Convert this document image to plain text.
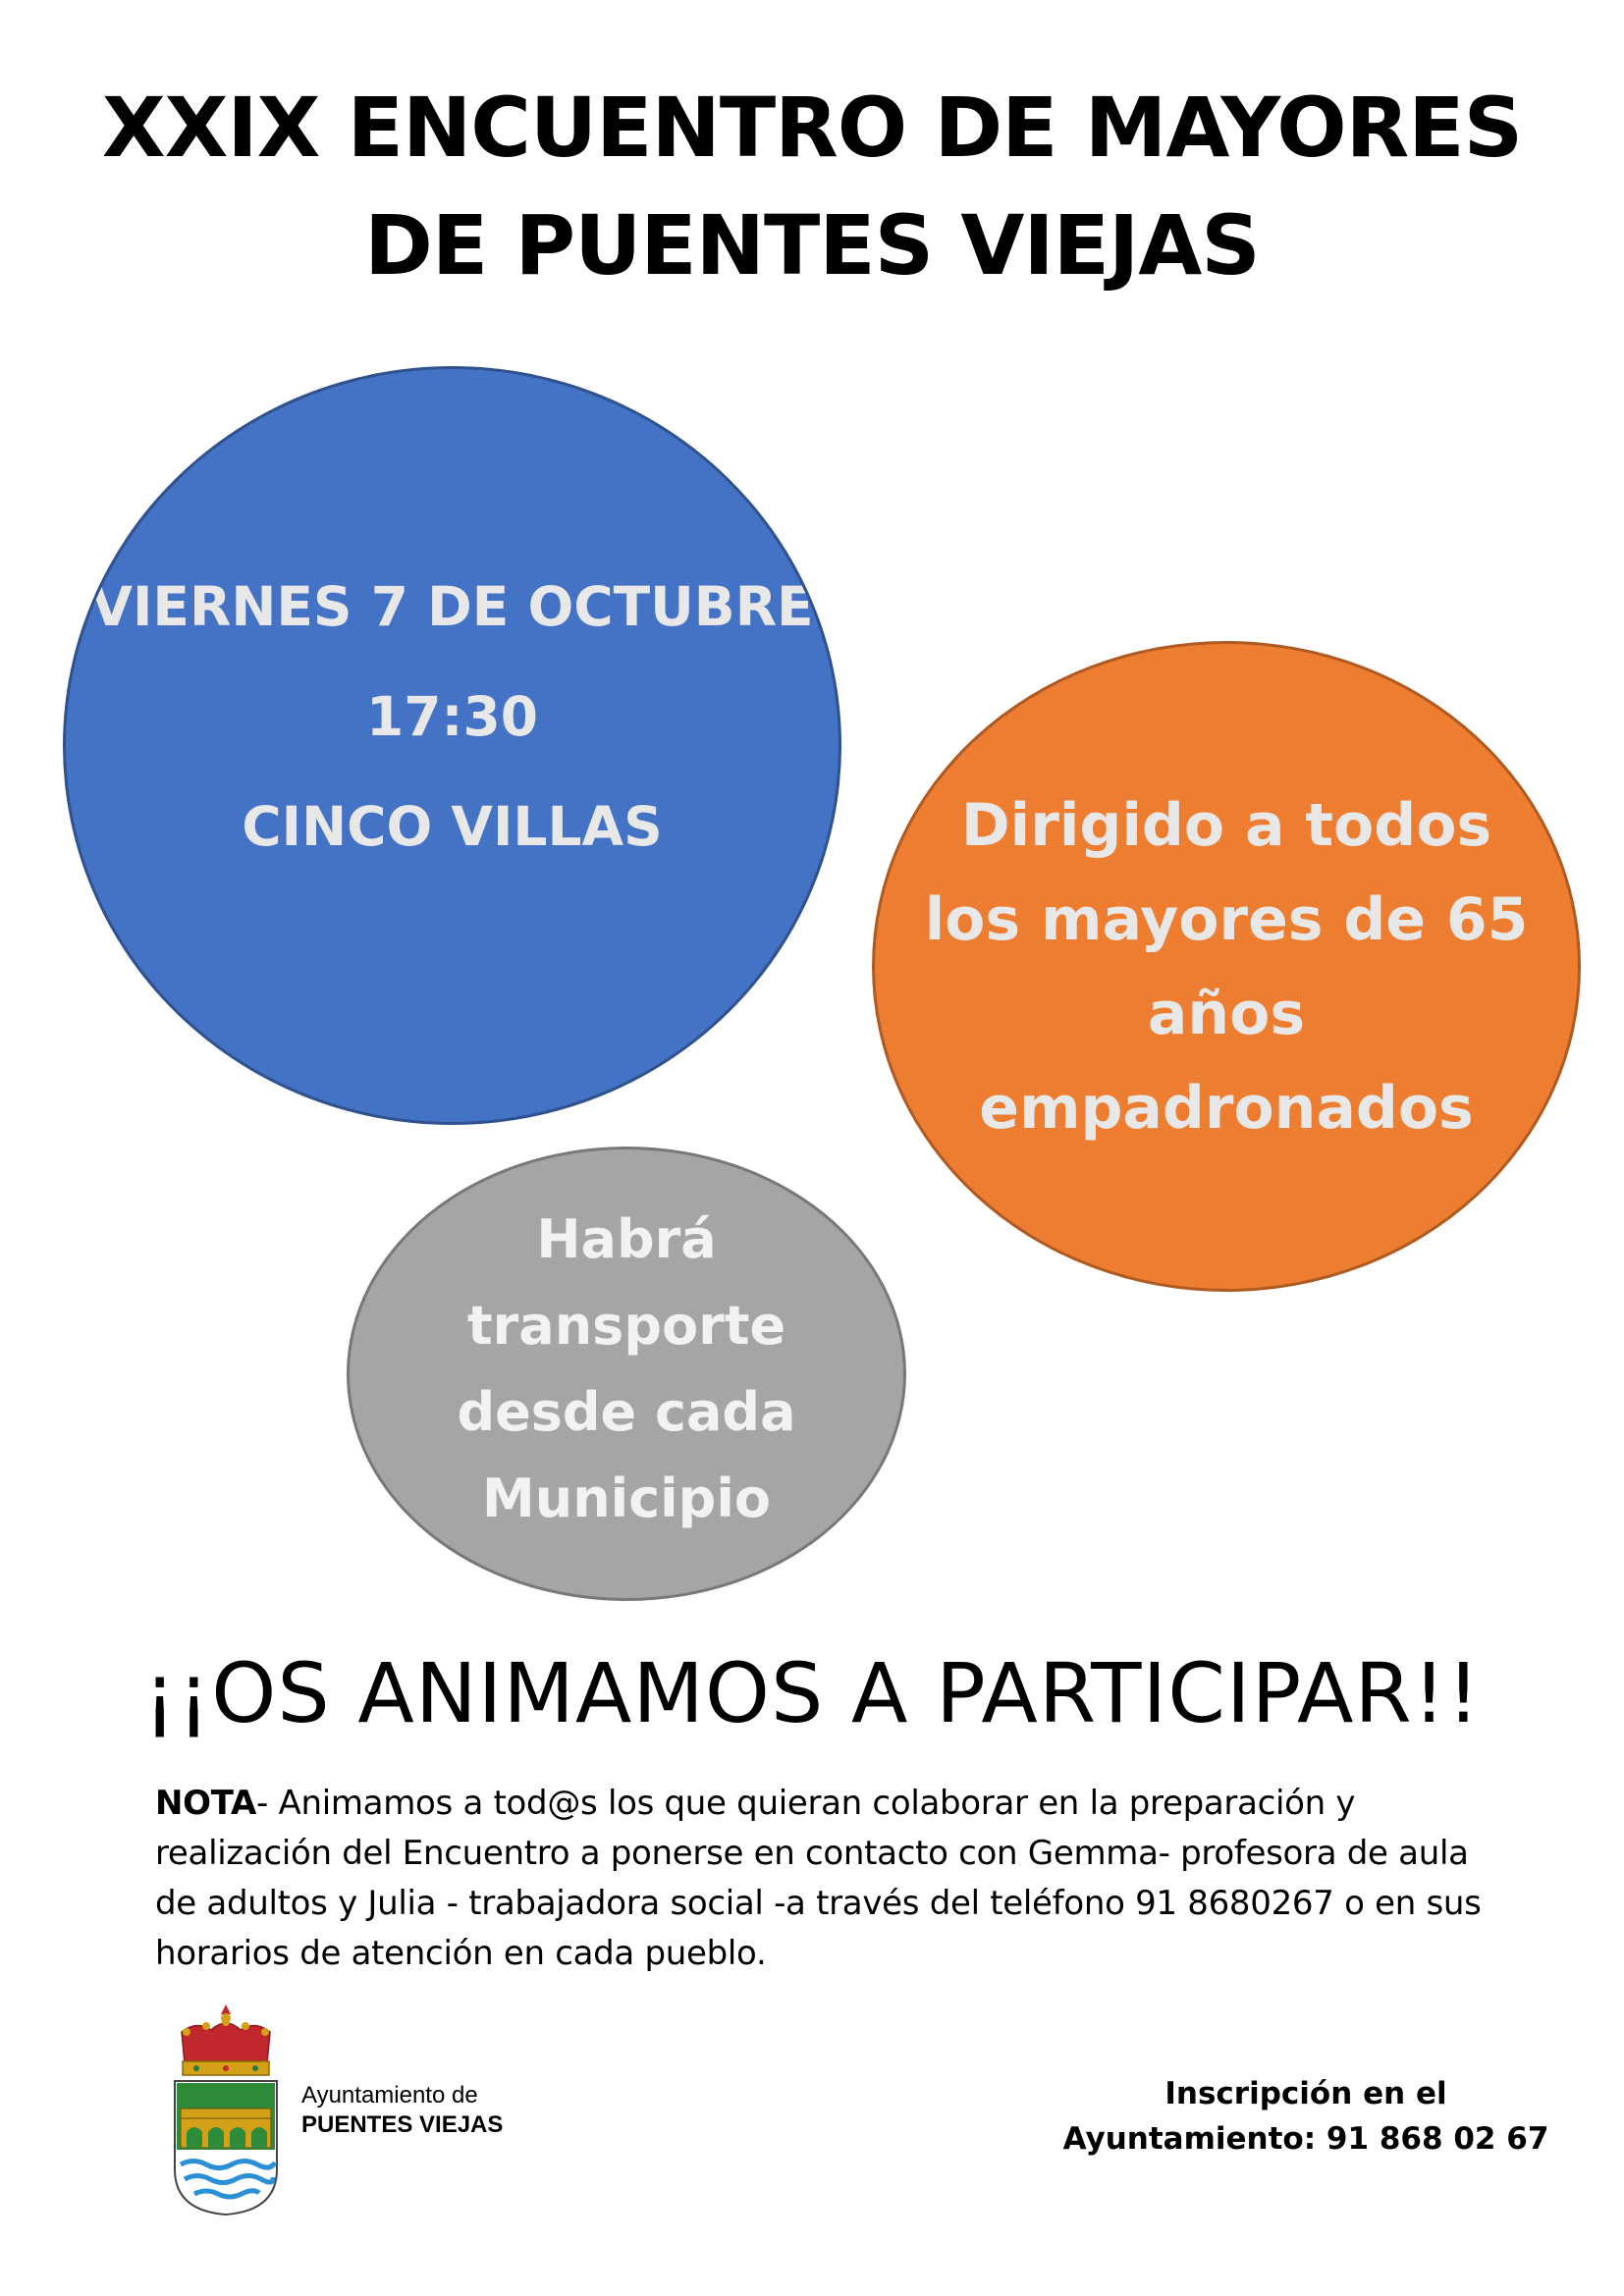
XXIX ENCUENTRO DE MAYORES
DE PUENTES VIEJAS
VIERNES 7 DE OCTUBRE
17:30
CINCO VILLAS	Dirigido a todos
los mayores de 65
años
empadronados
Habrá
transporte
desde cada
Municipio
¡¡OS ANIMAMOS A PARTICIPAR!!
NOTA- Animamos a tod@s los que quieran colaborar en la preparación y realización del Encuentro a ponerse en contacto con Gemma- profesora de aula de adultos y Julia - trabajadora social -a través del teléfono 91 8680267 o en sus horarios de atención en cada pueblo.
Ayuntamiento de
PUENTES VIEJAS
Inscripción en el
Ayuntamiento: 91 868 02 67
